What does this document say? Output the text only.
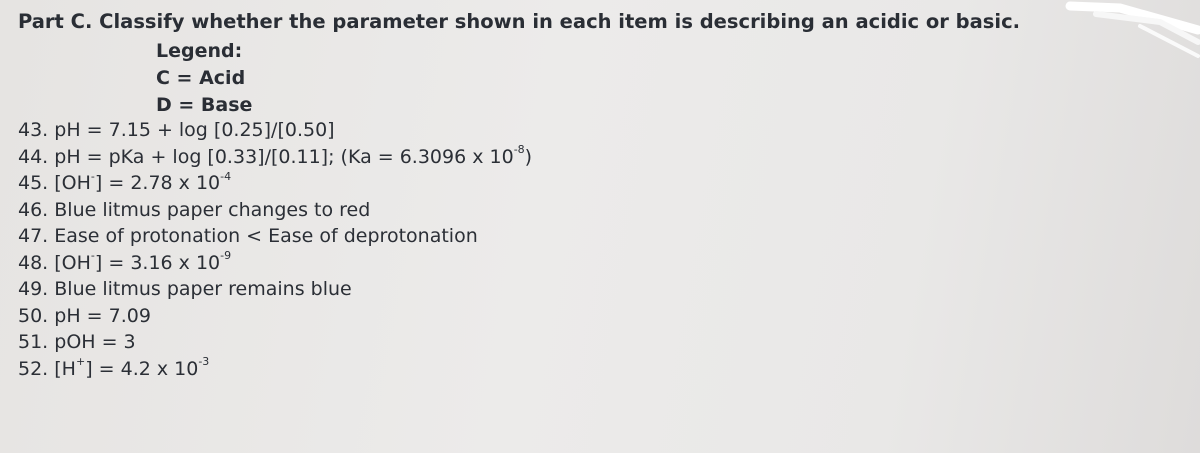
Part C. Classify whether the parameter shown in each item is describing an acidic or basic.
Legend:
C = Acid
D = Base
43. pH = 7.15 + log [0.25]/[0.50]
44. pH = pKa + log [0.33]/[0.11]; (Ka = 6.3096 x $10^{-8}$)
45. [OH-] = 2.78 x $10^{-4}$
46. Blue litmus paper changes to red
47. Ease of protonation < Ease of deprotonation
48. [OH-] = 3.16 x $10^{-9}$
49. Blue litmus paper remains blue
50. pH = 7.09
51. pOH = 3
52. [H+] = 4.2 x $10^{-3}$
